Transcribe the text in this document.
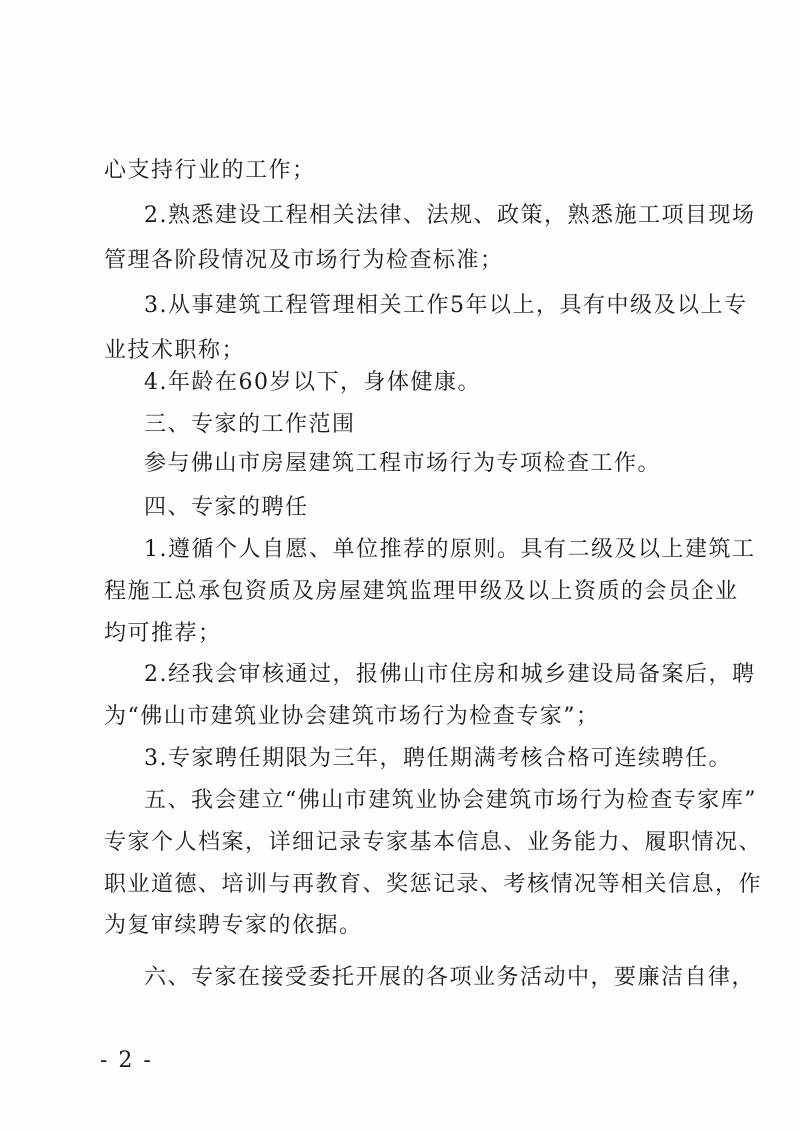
心支持行业的工作；
2.熟悉建设工程相关法律、法规、政策，熟悉施工项目现场
管理各阶段情况及市场行为检查标准；
3.从事建筑工程管理相关工作5年以上，具有中级及以上专
业技术职称；
4.年龄在60岁以下，身体健康。
三、专家的工作范围
参与佛山市房屋建筑工程市场行为专项检查工作。
四、专家的聘任
1.遵循个人自愿、单位推荐的原则。具有二级及以上建筑工
程施工总承包资质及房屋建筑监理甲级及以上资质的会员企业
均可推荐；
2.经我会审核通过，报佛山市住房和城乡建设局备案后，聘
为“佛山市建筑业协会建筑市场行为检查专家”；
3.专家聘任期限为三年，聘任期满考核合格可连续聘任。
五、我会建立“佛山市建筑业协会建筑市场行为检查专家库”
专家个人档案，详细记录专家基本信息、业务能力、履职情况、
职业道德、培训与再教育、奖惩记录、考核情况等相关信息，作
为复审续聘专家的依据。
六、专家在接受委托开展的各项业务活动中，要廉洁自律，
- 2 -
